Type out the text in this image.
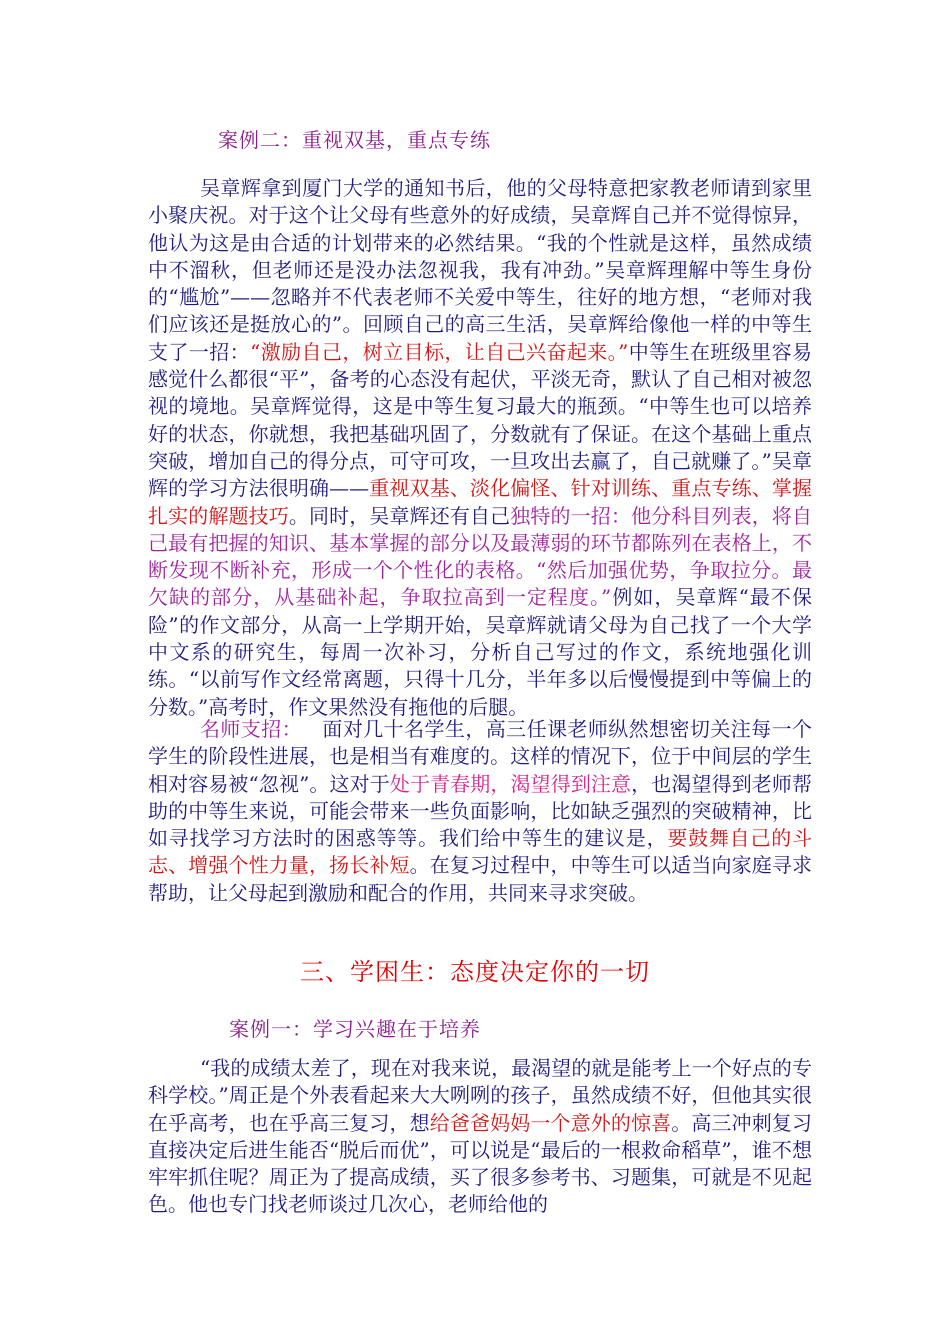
案例二：重视双基，重点专练

吴章辉拿到厦门大学的通知书后，他的父母特意把家教老师请到家里小聚庆祝。对于这个让父母有些意外的好成绩，吴章辉自己并不觉得惊异，他认为这是由合适的计划带来的必然结果。“我的个性就是这样，虽然成绩中不溜秋，但老师还是没办法忽视我，我有冲劲。”吴章辉理解中等生身份的“尴尬”——忽略并不代表老师不关爱中等生，往好的地方想，“老师对我们应该还是挺放心的”。回顾自己的高三生活，吴章辉给像他一样的中等生支了一招：“激励自己，树立目标，让自己兴奋起来。”中等生在班级里容易感觉什么都很“平”，备考的心态没有起伏，平淡无奇，默认了自己相对被忽视的境地。吴章辉觉得，这是中等生复习最大的瓶颈。“中等生也可以培养好的状态，你就想，我把基础巩固了，分数就有了保证。在这个基础上重点突破，增加自己的得分点，可守可攻，一旦攻出去赢了，自己就赚了。”吴章辉的学习方法很明确——重视双基、淡化偏怪、针对训练、重点专练、掌握扎实的解题技巧。同时，吴章辉还有自己独特的一招：他分科目列表，将自己最有把握的知识、基本掌握的部分以及最薄弱的环节都陈列在表格上，不断发现不断补充，形成一个个性化的表格。“然后加强优势，争取拉分。最欠缺的部分，从基础补起，争取拉高到一定程度。”例如，吴章辉“最不保险”的作文部分，从高一上学期开始，吴章辉就请父母为自己找了一个大学中文系的研究生，每周一次补习，分析自己写过的作文，系统地强化训练。“以前写作文经常离题，只得十几分，半年多以后慢慢提到中等偏上的分数。”高考时，作文果然没有拖他的后腿。

名师支招： 面对几十名学生，高三任课老师纵然想密切关注每一个学生的阶段性进展，也是相当有难度的。这样的情况下，位于中间层的学生相对容易被“忽视”。这对于处于青春期，渴望得到注意，也渴望得到老师帮助的中等生来说，可能会带来一些负面影响，比如缺乏强烈的突破精神，比如寻找学习方法时的困惑等等。我们给中等生的建议是，要鼓舞自己的斗志、增强个性力量，扬长补短。在复习过程中，中等生可以适当向家庭寻求帮助，让父母起到激励和配合的作用，共同来寻求突破。

三、学困生：态度决定你的一切
案例一：学习兴趣在于培养

“我的成绩太差了，现在对我来说，最渴望的就是能考上一个好点的专科学校。”周正是个外表看起来大大咧咧的孩子，虽然成绩不好，但他其实很在乎高考，也在乎高三复习，想给爸爸妈妈一个意外的惊喜。高三冲刺复习直接决定后进生能否“脱后而优”，可以说是“最后的一根救命稻草”，谁不想牢牢抓住呢？周正为了提高成绩，买了很多参考书、习题集，可就是不见起色。他也专门找老师谈过几次心，老师给他的
